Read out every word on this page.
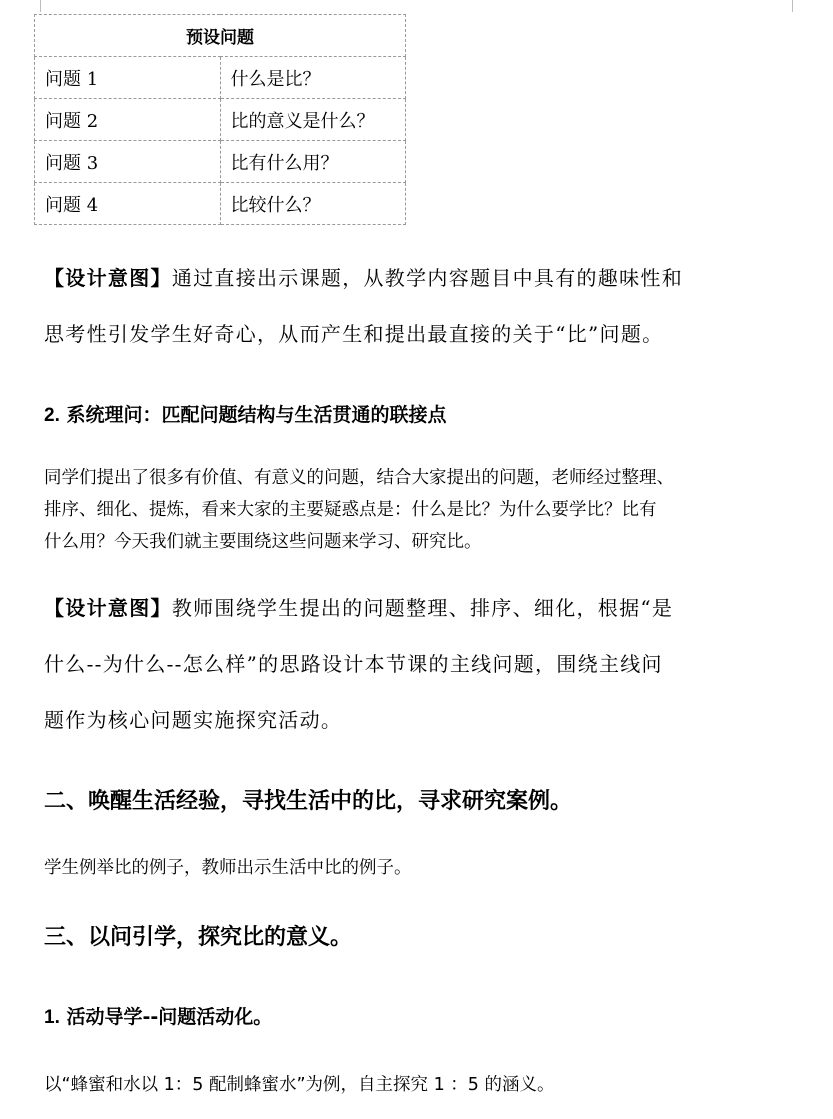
预设问题	
问题 1	什么是比？
问题 2	比的意义是什么？
问题 3	比有什么用？
问题 4	比较什么？

【设计意图】通过直接出示课题，从教学内容题目中具有的趣味性和

思考性引发学生好奇心，从而产生和提出最直接的关于“比”问题。

2. 系统理问：匹配问题结构与生活贯通的联接点

同学们提出了很多有价值、有意义的问题，结合大家提出的问题，老师经过整理、

排序、细化、提炼，看来大家的主要疑惑点是：什么是比？为什么要学比？比有

什么用？今天我们就主要围绕这些问题来学习、研究比。

【设计意图】教师围绕学生提出的问题整理、排序、细化，根据“是

什么--为什么--怎么样”的思路设计本节课的主线问题，围绕主线问

题作为核心问题实施探究活动。

二、唤醒生活经验，寻找生活中的比，寻求研究案例。

学生例举比的例子，教师出示生活中比的例子。

三、以问引学，探究比的意义。

1. 活动导学--问题活动化。

以“蜂蜜和水以 1：5 配制蜂蜜水”为例，自主探究 1 ：5 的涵义。
